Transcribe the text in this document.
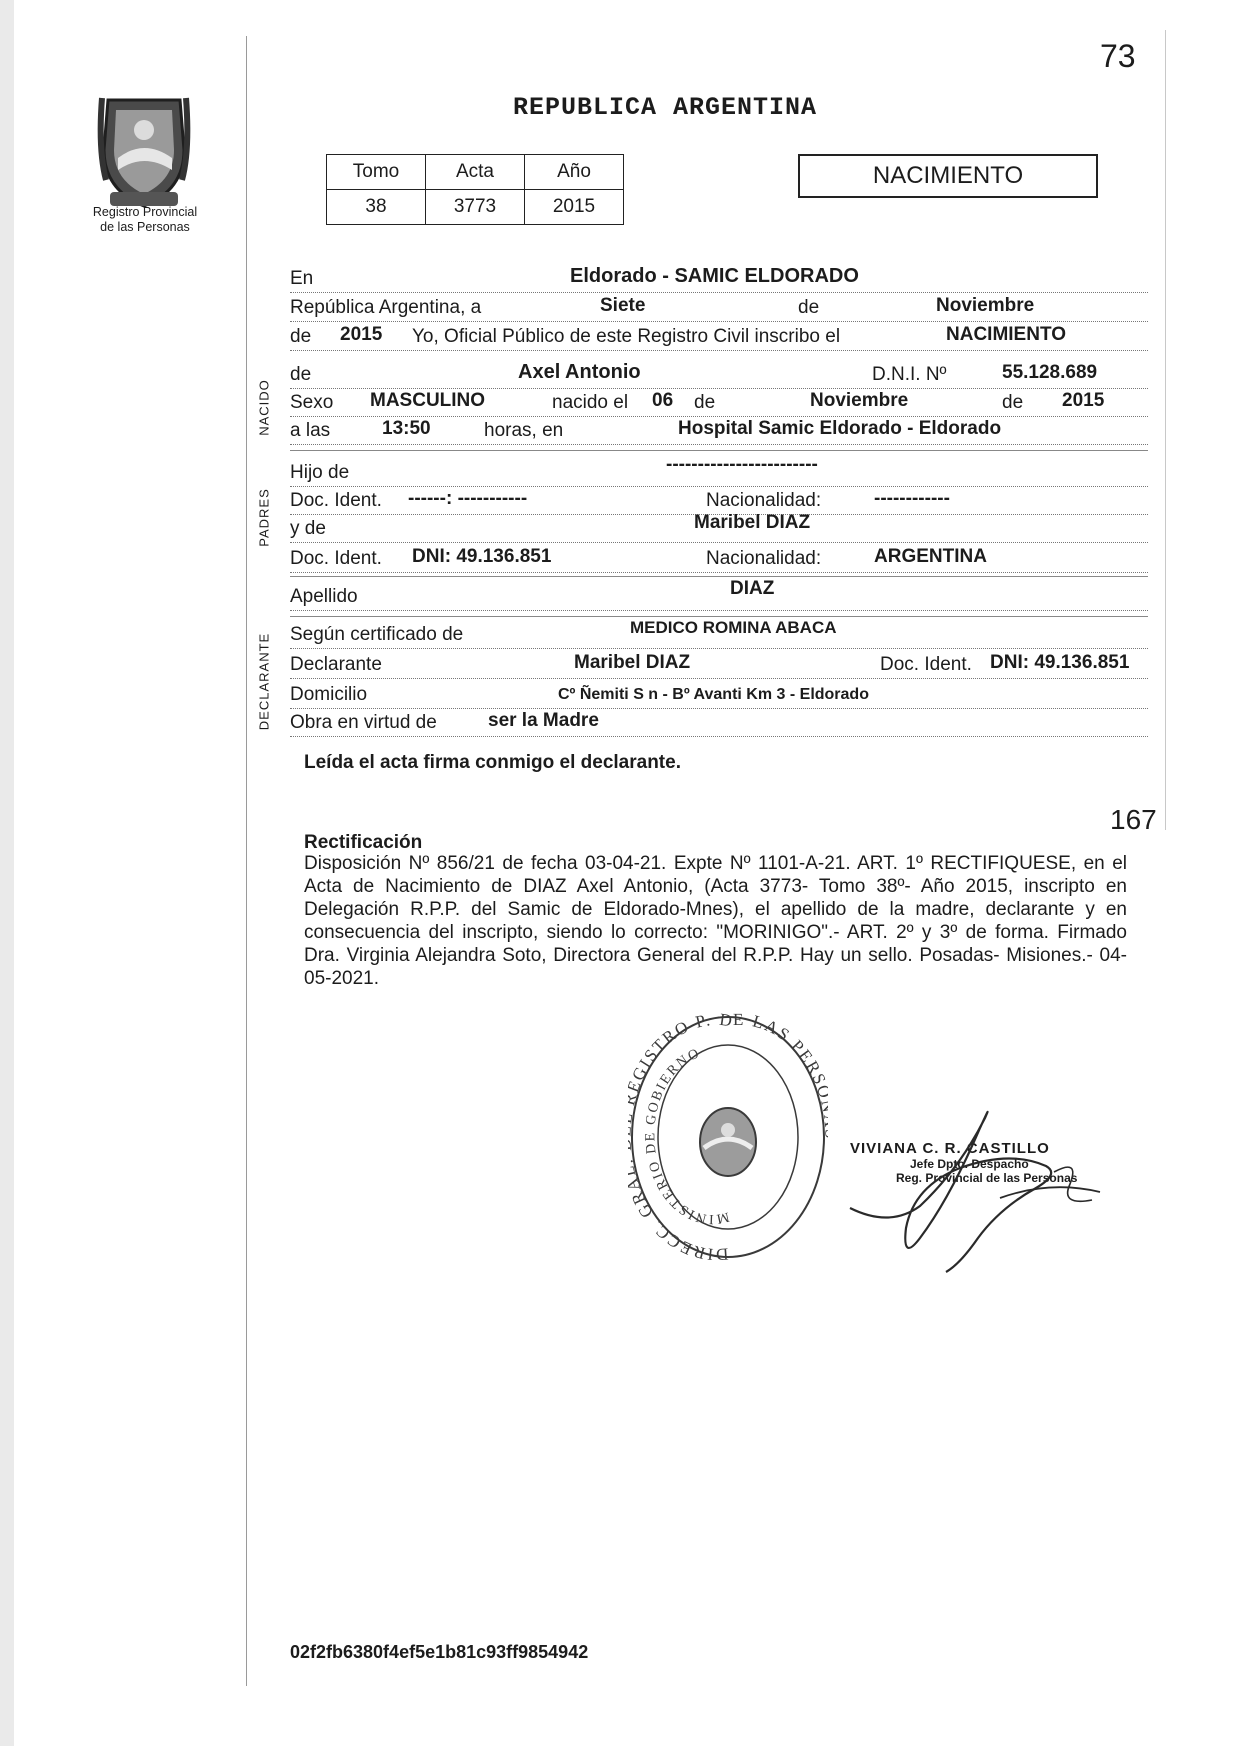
73
Registro Provincial
de las Personas
REPUBLICA ARGENTINA
Tomo	Acta	Año
38	3773	2015
NACIMIENTO
En	Eldorado - SAMIC ELDORADO
República Argentina, a	Siete	de	Noviembre
de 2015 Yo, Oficial Público de este Registro Civil inscribo el	NACIMIENTO
NACIDO
de	Axel Antonio	D.N.I. Nº	55.128.689
Sexo MASCULINO	nacido el 06 de	Noviembre	de 2015
a las	13:50	horas, en	Hospital Samic Eldorado - Eldorado
PADRES
Hijo de	------------------------
Doc. Ident. ------: -----------	Nacionalidad:	------------
y de	Maribel DIAZ
Doc. Ident. DNI: 49.136.851	Nacionalidad:	ARGENTINA
Apellido	DIAZ
DECLARANTE Según certificado de	MEDICO ROMINA ABACA
Declarante	Maribel DIAZ	Doc. Ident. DNI: 49.136.851
Domicilio	Cº Ñemiti S n - Bº Avanti Km 3 - Eldorado
Obra en virtud de	ser la Madre
Leída el acta firma conmigo el declarante.
167
Rectificación
Disposición Nº 856/21 de fecha 03-04-21. Expte Nº 1101-A-21. ART. 1º RECTIFIQUESE, en el Acta de Nacimiento de DIAZ Axel Antonio, (Acta 3773- Tomo 38º- Año 2015, inscripto en Delegación R.P.P. del Samic de Eldorado-Mnes), el apellido de la madre, declarante y en consecuencia del inscripto, siendo lo correcto: "MORINIGO".- ART. 2º y 3º de forma. Firmado Dra. Virginia Alejandra Soto, Directora General del R.P.P. Hay un sello. Posadas- Misiones.- 04-05-2021.
DIRECC. GR GISTRO P. DE LAS PER
MINISTERIO DE GOBIERNO
VIVIANA C. R. CASTILLO
Jefe Dpto. Despacho
Reg. Provincial de las Personas
02f2fb6380f4ef5e1b81c93ff9854942
